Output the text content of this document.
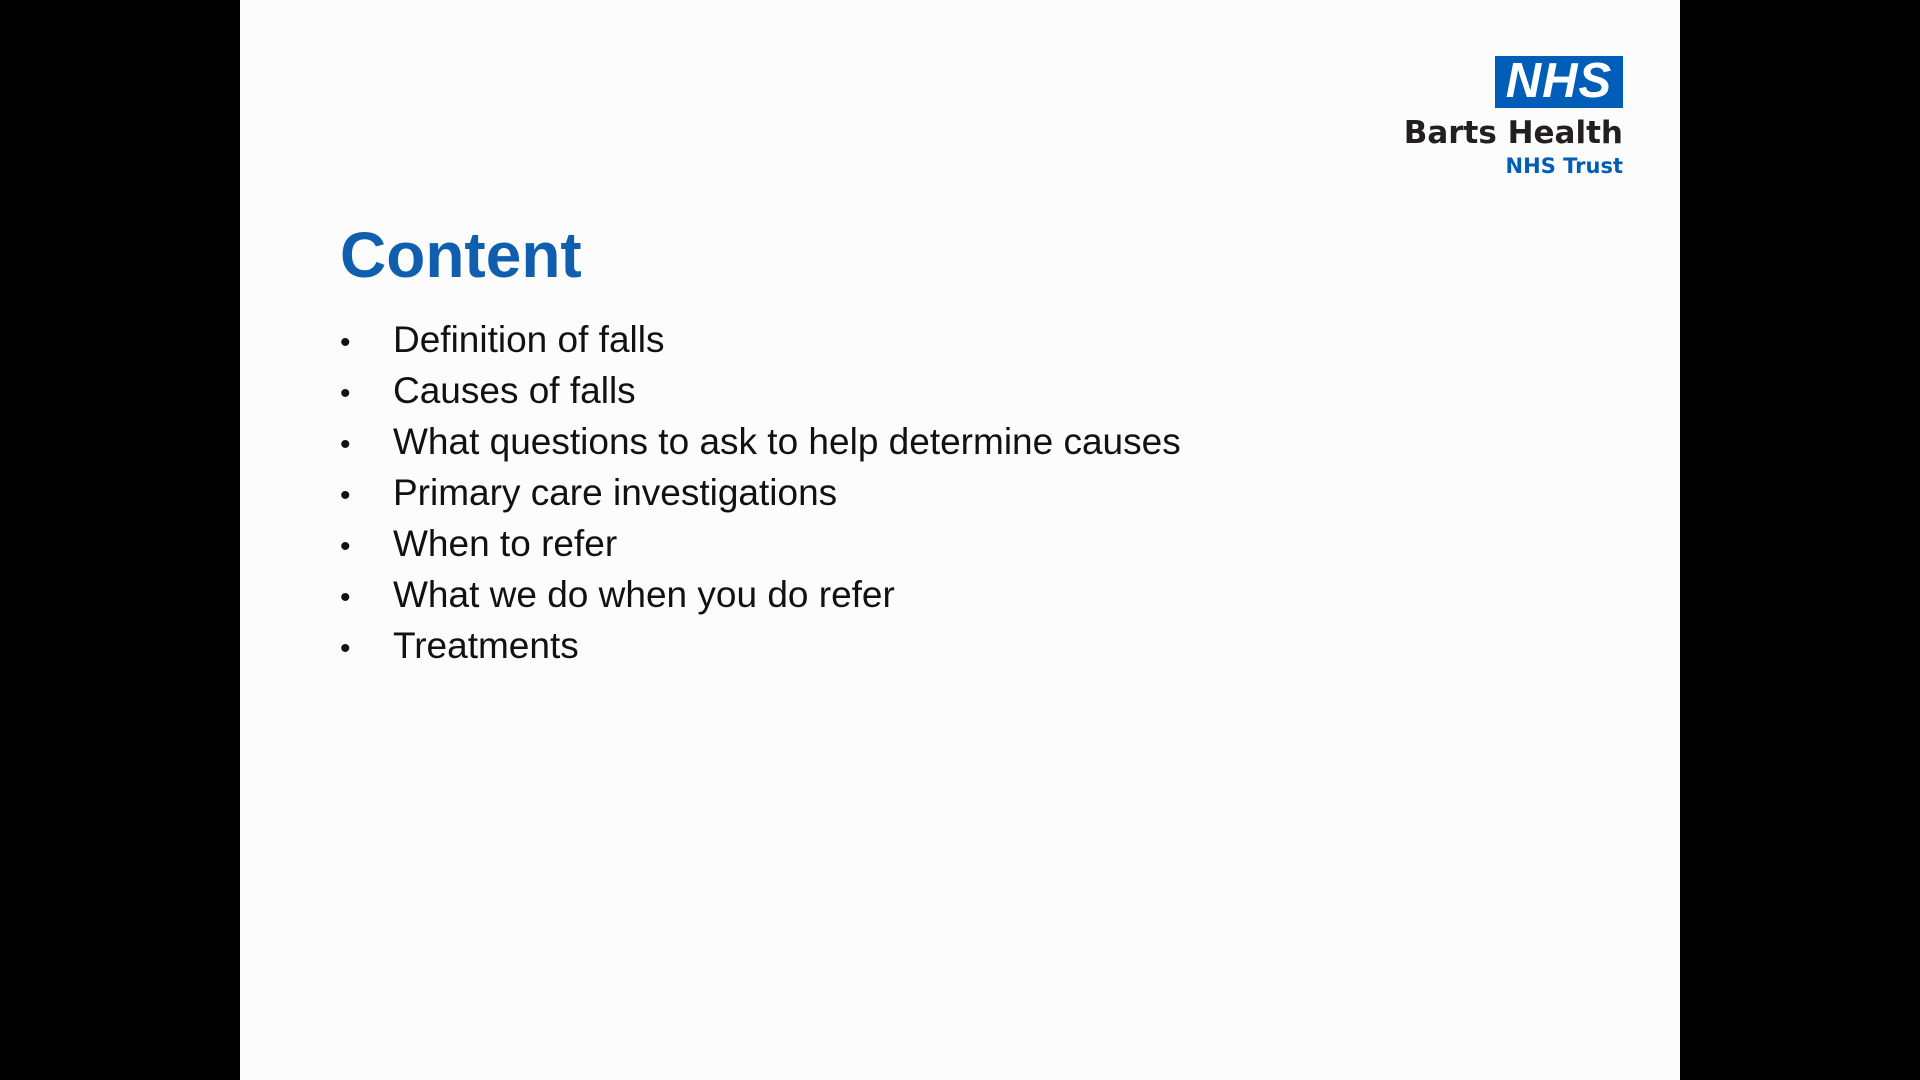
NHS
Barts Health
NHS Trust
Content
•	Definition of falls
•	Causes of falls
•	What questions to ask to help determine causes
•	Primary care investigations
•	When to refer
•	What we do when you do refer
•	Treatments
